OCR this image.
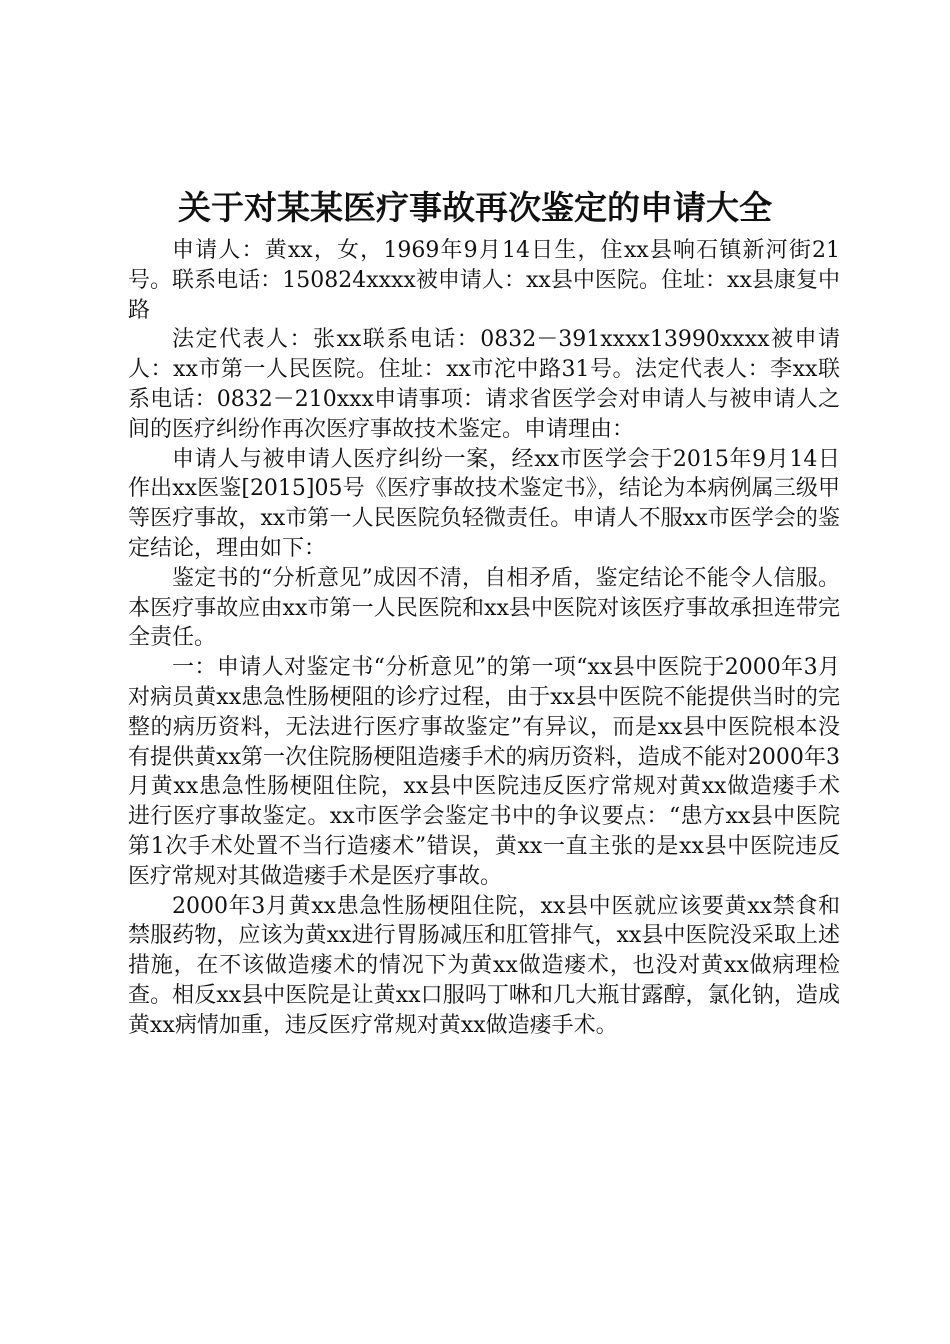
关于对某某医疗事故再次鉴定的申请大全

申请人：黄xx，女，1969年9月14日生，住xx县响石镇新河街21号。联系电话：150824xxxx被申请人：xx县中医院。住址：xx县康复中路

法定代表人：张xx联系电话：0832－391xxxx13990xxxx被申请人：xx市第一人民医院。住址：xx市沱中路31号。法定代表人：李xx联系电话：0832－210xxx申请事项：请求省医学会对申请人与被申请人之间的医疗纠纷作再次医疗事故技术鉴定。申请理由：

申请人与被申请人医疗纠纷一案，经xx市医学会于2015年9月14日作出xx医鉴[2015]05号《医疗事故技术鉴定书》，结论为本病例属三级甲等医疗事故，xx市第一人民医院负轻微责任。申请人不服xx市医学会的鉴定结论，理由如下：

鉴定书的“分析意见”成因不清，自相矛盾，鉴定结论不能令人信服。本医疗事故应由xx市第一人民医院和xx县中医院对该医疗事故承担连带完全责任。

一：申请人对鉴定书“分析意见”的第一项“xx县中医院于2000年3月对病员黄xx患急性肠梗阻的诊疗过程，由于xx县中医院不能提供当时的完整的病历资料，无法进行医疗事故鉴定”有异议，而是xx县中医院根本没有提供黄xx第一次住院肠梗阻造瘘手术的病历资料，造成不能对2000年3月黄xx患急性肠梗阻住院，xx县中医院违反医疗常规对黄xx做造瘘手术进行医疗事故鉴定。xx市医学会鉴定书中的争议要点：“患方xx县中医院第1次手术处置不当行造瘘术”错误，黄xx一直主张的是xx县中医院违反医疗常规对其做造瘘手术是医疗事故。

2000年3月黄xx患急性肠梗阻住院，xx县中医就应该要黄xx禁食和禁服药物，应该为黄xx进行胃肠减压和肛管排气，xx县中医院没采取上述措施，在不该做造瘘术的情况下为黄xx做造瘘术，也没对黄xx做病理检查。相反xx县中医院是让黄xx口服吗丁啉和几大瓶甘露醇，氯化钠，造成黄xx病情加重，违反医疗常规对黄xx做造瘘手术。
